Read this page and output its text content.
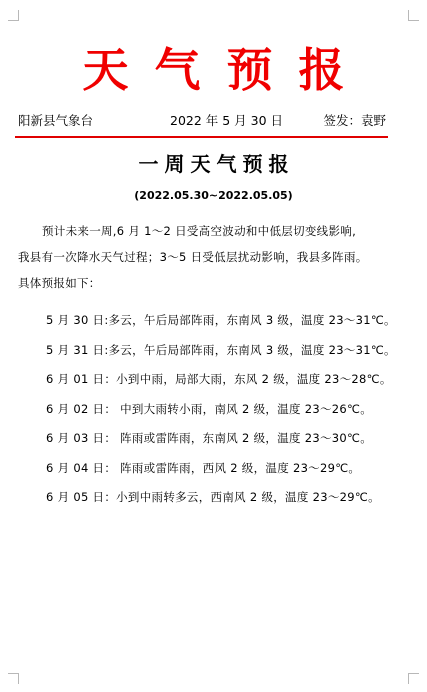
天气预报
阳新县气象台	2022 年 5 月 30 日	签发：袁野
一周天气预报
(2022.05.30~2022.05.05)
预计未来一周,6 月 1～2 日受高空波动和中低层切变线影响,
我县有一次降水天气过程；3～5 日受低层扰动影响，我县多阵雨。
具体预报如下：
5 月 30 日:多云，午后局部阵雨，东南风 3 级，温度 23～31℃。
5 月 31 日:多云，午后局部阵雨，东南风 3 级，温度 23～31℃。
6 月 01 日：小到中雨，局部大雨，东风 2 级，温度 23～28℃。
6 月 02 日： 中到大雨转小雨，南风 2 级，温度 23～26℃。
6 月 03 日： 阵雨或雷阵雨，东南风 2 级，温度 23～30℃。
6 月 04 日： 阵雨或雷阵雨，西风 2 级，温度 23～29℃。
6 月 05 日：小到中雨转多云，西南风 2 级，温度 23～29℃。
